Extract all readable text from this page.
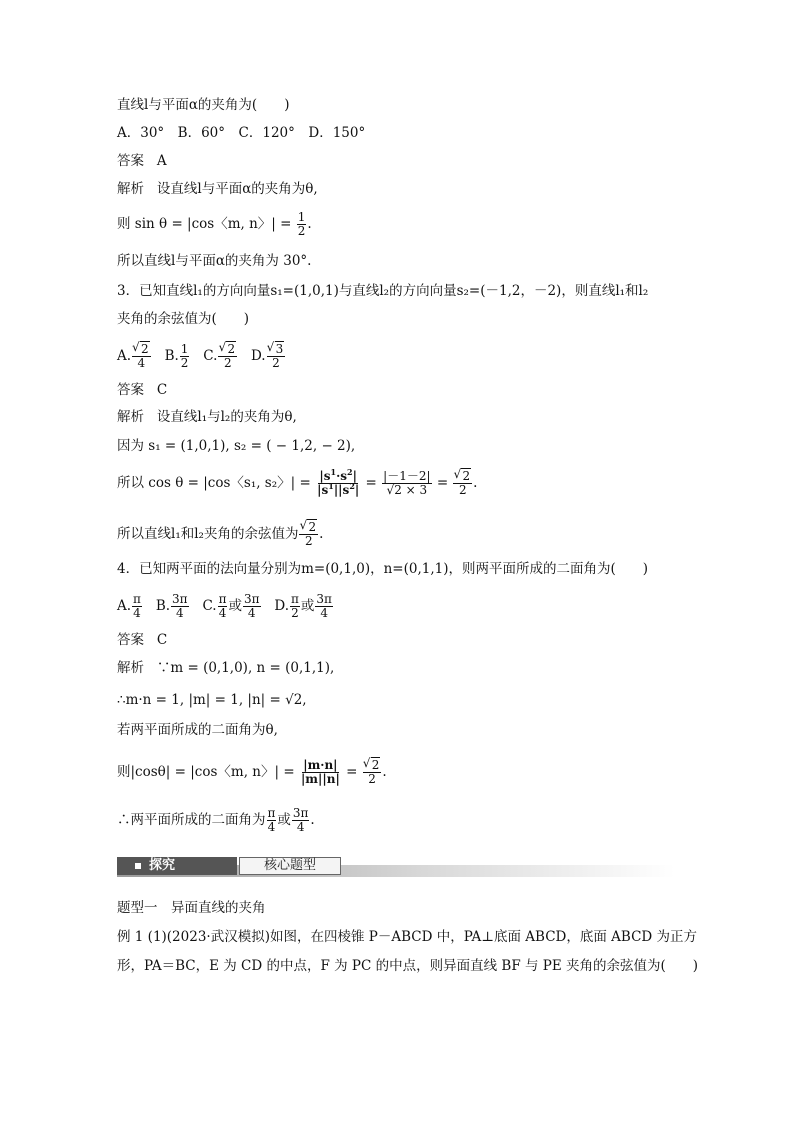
直线l与平面α的夹角为(　　)
A．30°　B．60°　C．120°　D．150°
答案 A
解析 设直线l与平面α的夹角为θ,
则 sin θ = |cos〈m, n〉| = $\frac{1}{2}$ .
所以直线l与平面α的夹角为 30°.
3．已知直线l₁的方向向量s₁=(1,0,1)与直线l₂的方向向量s₂=(－1,2，－2)，则直线l₁和l₂
夹角的余弦值为(　　)
A. √ $\frac{2}{4} B$. $\frac{1}{2} C$. √ $\frac{2}{2} D$. √ $\frac{3}{2}$
答案 C
解析 设直线l₁与l₂的夹角为θ,
因为 s₁ = (1,0,1), s₂ = ( − 1,2, − 2),
所以 cos θ = |cos〈s₁, s₂〉| = $\frac{|s^1\cdot s^2|}{|s^1||s^2|} = \frac{|-1-2|}{√2 \times 3}$ = √ $\frac{2}{2}$ .
所以直线l₁和l₂夹角的余弦值为 √ $\frac{2}{2}$ .
4．已知两平面的法向量分别为m=(0,1,0)，n=(0,1,1)，则两平面所成的二面角为(　　)
A. $\frac{\pi}{4} B$. $\frac{3\pi}{4} C$. $\frac{\pi}{4}$ 或 $\frac{3\pi}{4} D$. $\frac{\pi}{2}$ 或 $\frac{3\pi}{4}$
答案 C
解析 ∵m = (0,1,0), n = (0,1,1),
∴m·n = 1, |m| = 1, |n| = √2,
若两平面所成的二面角为θ,
则|cosθ| = |cos〈m, n〉| = $\frac{|m\cdot n|}{|m||n|}$ = √ $\frac{2}{2}$ .
∴两平面所成的二面角为 $\frac{\pi}{4}$ 或 $\frac{3\pi}{4}$ .
探究	核心题型
题型一　异面直线的夹角
例 1 (1)(2023·武汉模拟)如图，在四棱锥 P－ABCD 中，PA⊥底面 ABCD，底面 ABCD 为正方
形，PA＝BC，E 为 CD 的中点，F 为 PC 的中点，则异面直线 BF 与 PE 夹角的余弦值为(　　)
